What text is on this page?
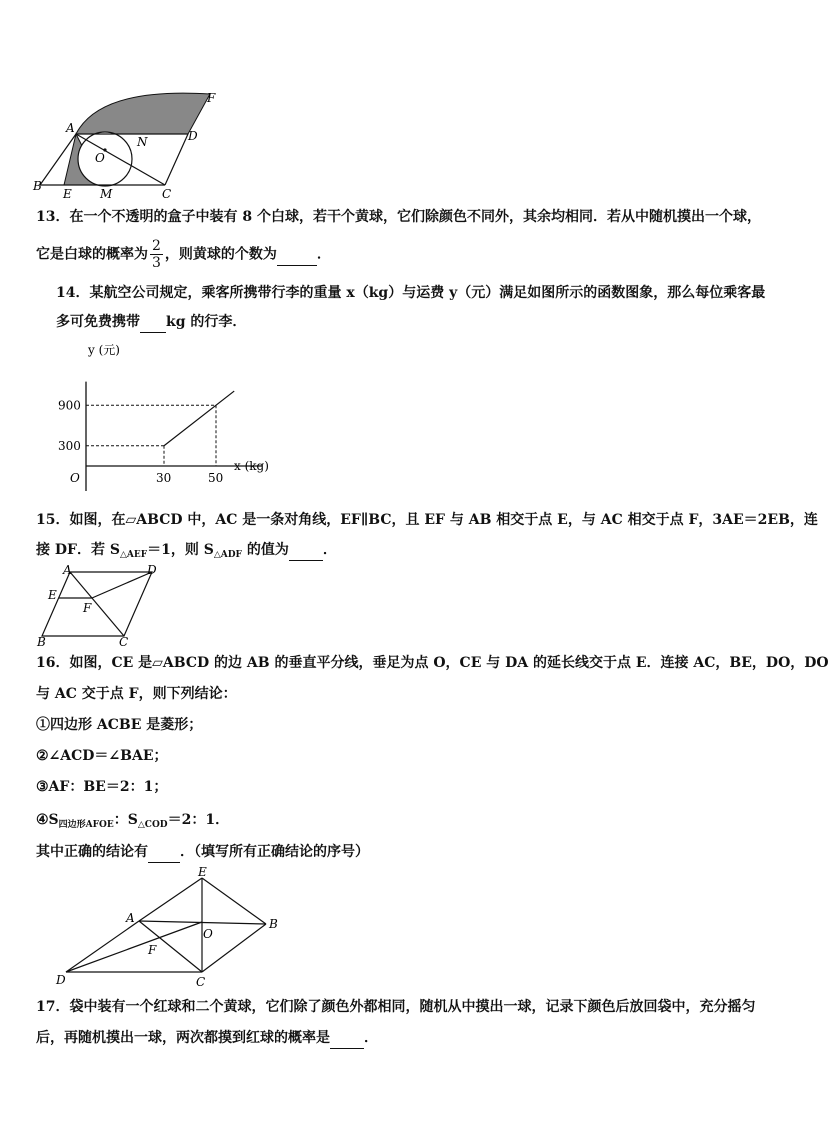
A
B
C
D
E
F
M
N
O
13．在一个不透明的盒子中装有 8 个白球，若干个黄球，它们除颜色不同外，其余均相同．若从中随机摸出一个球，
它是白球的概率为 $\frac{2}{3}$ ，则黄球的个数为	．
14．某航空公司规定，乘客所携带行李的重量 x（kg）与运费 y（元）满足如图所示的函数图象，那么每位乘客最
多可免费携带 kg 的行李．
30	50
300
900
O
y (元)
x (kg)
15．如图，在▱ABCD 中，AC 是一条对角线，EF∥BC，且 EF 与 AB 相交于点 E，与 AC 相交于点 F，3AE＝2EB，连
接 DF．若 $S_{\triangle AEF}=1$，则 $S_{\triangle ADF}$ 的值为 ．
A	D
E
F
B	C
16．如图，CE 是▱ABCD 的边 AB 的垂直平分线，垂足为点 O，CE 与 DA 的延长线交于点 E．连接 AC，BE，DO，DO
与 AC 交于点 F，则下列结论：
①四边形 ACBE 是菱形；
②∠ACD＝∠BAE；
③AF：BE＝2：1；
$④S_{四边形AFOE}$：$S_{\triangle COD}=2$：1．
其中正确的结论有 ．（填写所有正确结论的序号）
E
A	B
O
F
D	C
17．袋中装有一个红球和二个黄球，它们除了颜色外都相同，随机从中摸出一球，记录下颜色后放回袋中，充分摇匀
后，再随机摸出一球，两次都摸到红球的概率是 ．
